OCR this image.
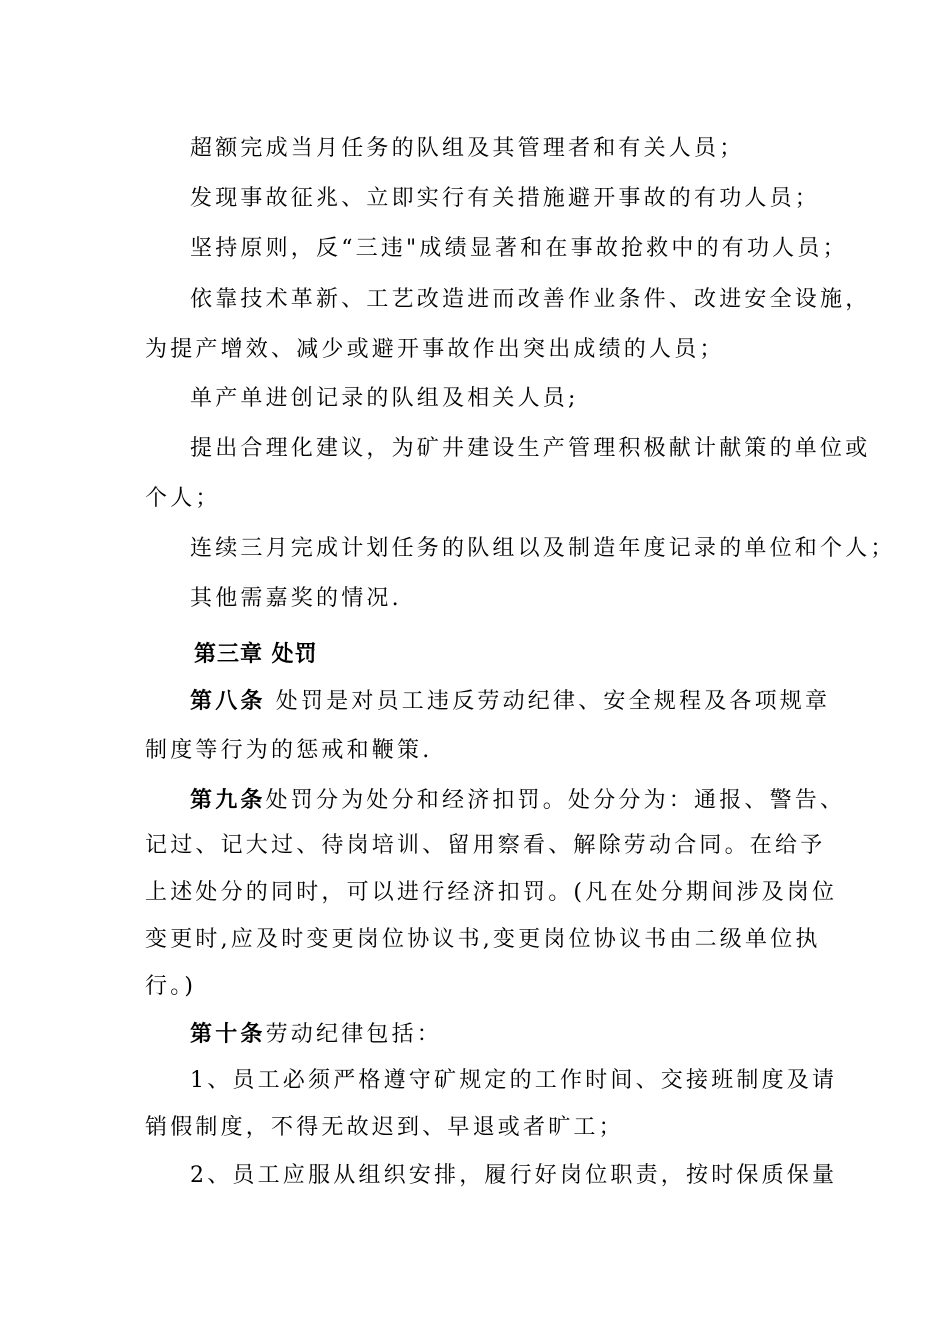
超额完成当月任务的队组及其管理者和有关人员；
发现事故征兆、立即实行有关措施避开事故的有功人员；
坚持原则，反“三违"成绩显著和在事故抢救中的有功人员；
依靠技术革新、工艺改造进而改善作业条件、改进安全设施，
为提产增效、减少或避开事故作出突出成绩的人员；
单产单进创记录的队组及相关人员;
提出合理化建议，为矿井建设生产管理积极献计献策的单位或
个人；
连续三月完成计划任务的队组以及制造年度记录的单位和个人；
其他需嘉奖的情况.
第三章 处罚
第八条 处罚是对员工违反劳动纪律、安全规程及各项规章
制度等行为的惩戒和鞭策.
第九条处罚分为处分和经济扣罚。处分分为：通报、警告、
记过、记大过、待岗培训、留用察看、解除劳动合同。在给予
上述处分的同时，可以进行经济扣罚。(凡在处分期间涉及岗位
变更时,应及时变更岗位协议书,变更岗位协议书由二级单位执
行。)
第十条劳动纪律包括：
1、员工必须严格遵守矿规定的工作时间、交接班制度及请
销假制度，不得无故迟到、早退或者旷工；
2、员工应服从组织安排，履行好岗位职责，按时保质保量
